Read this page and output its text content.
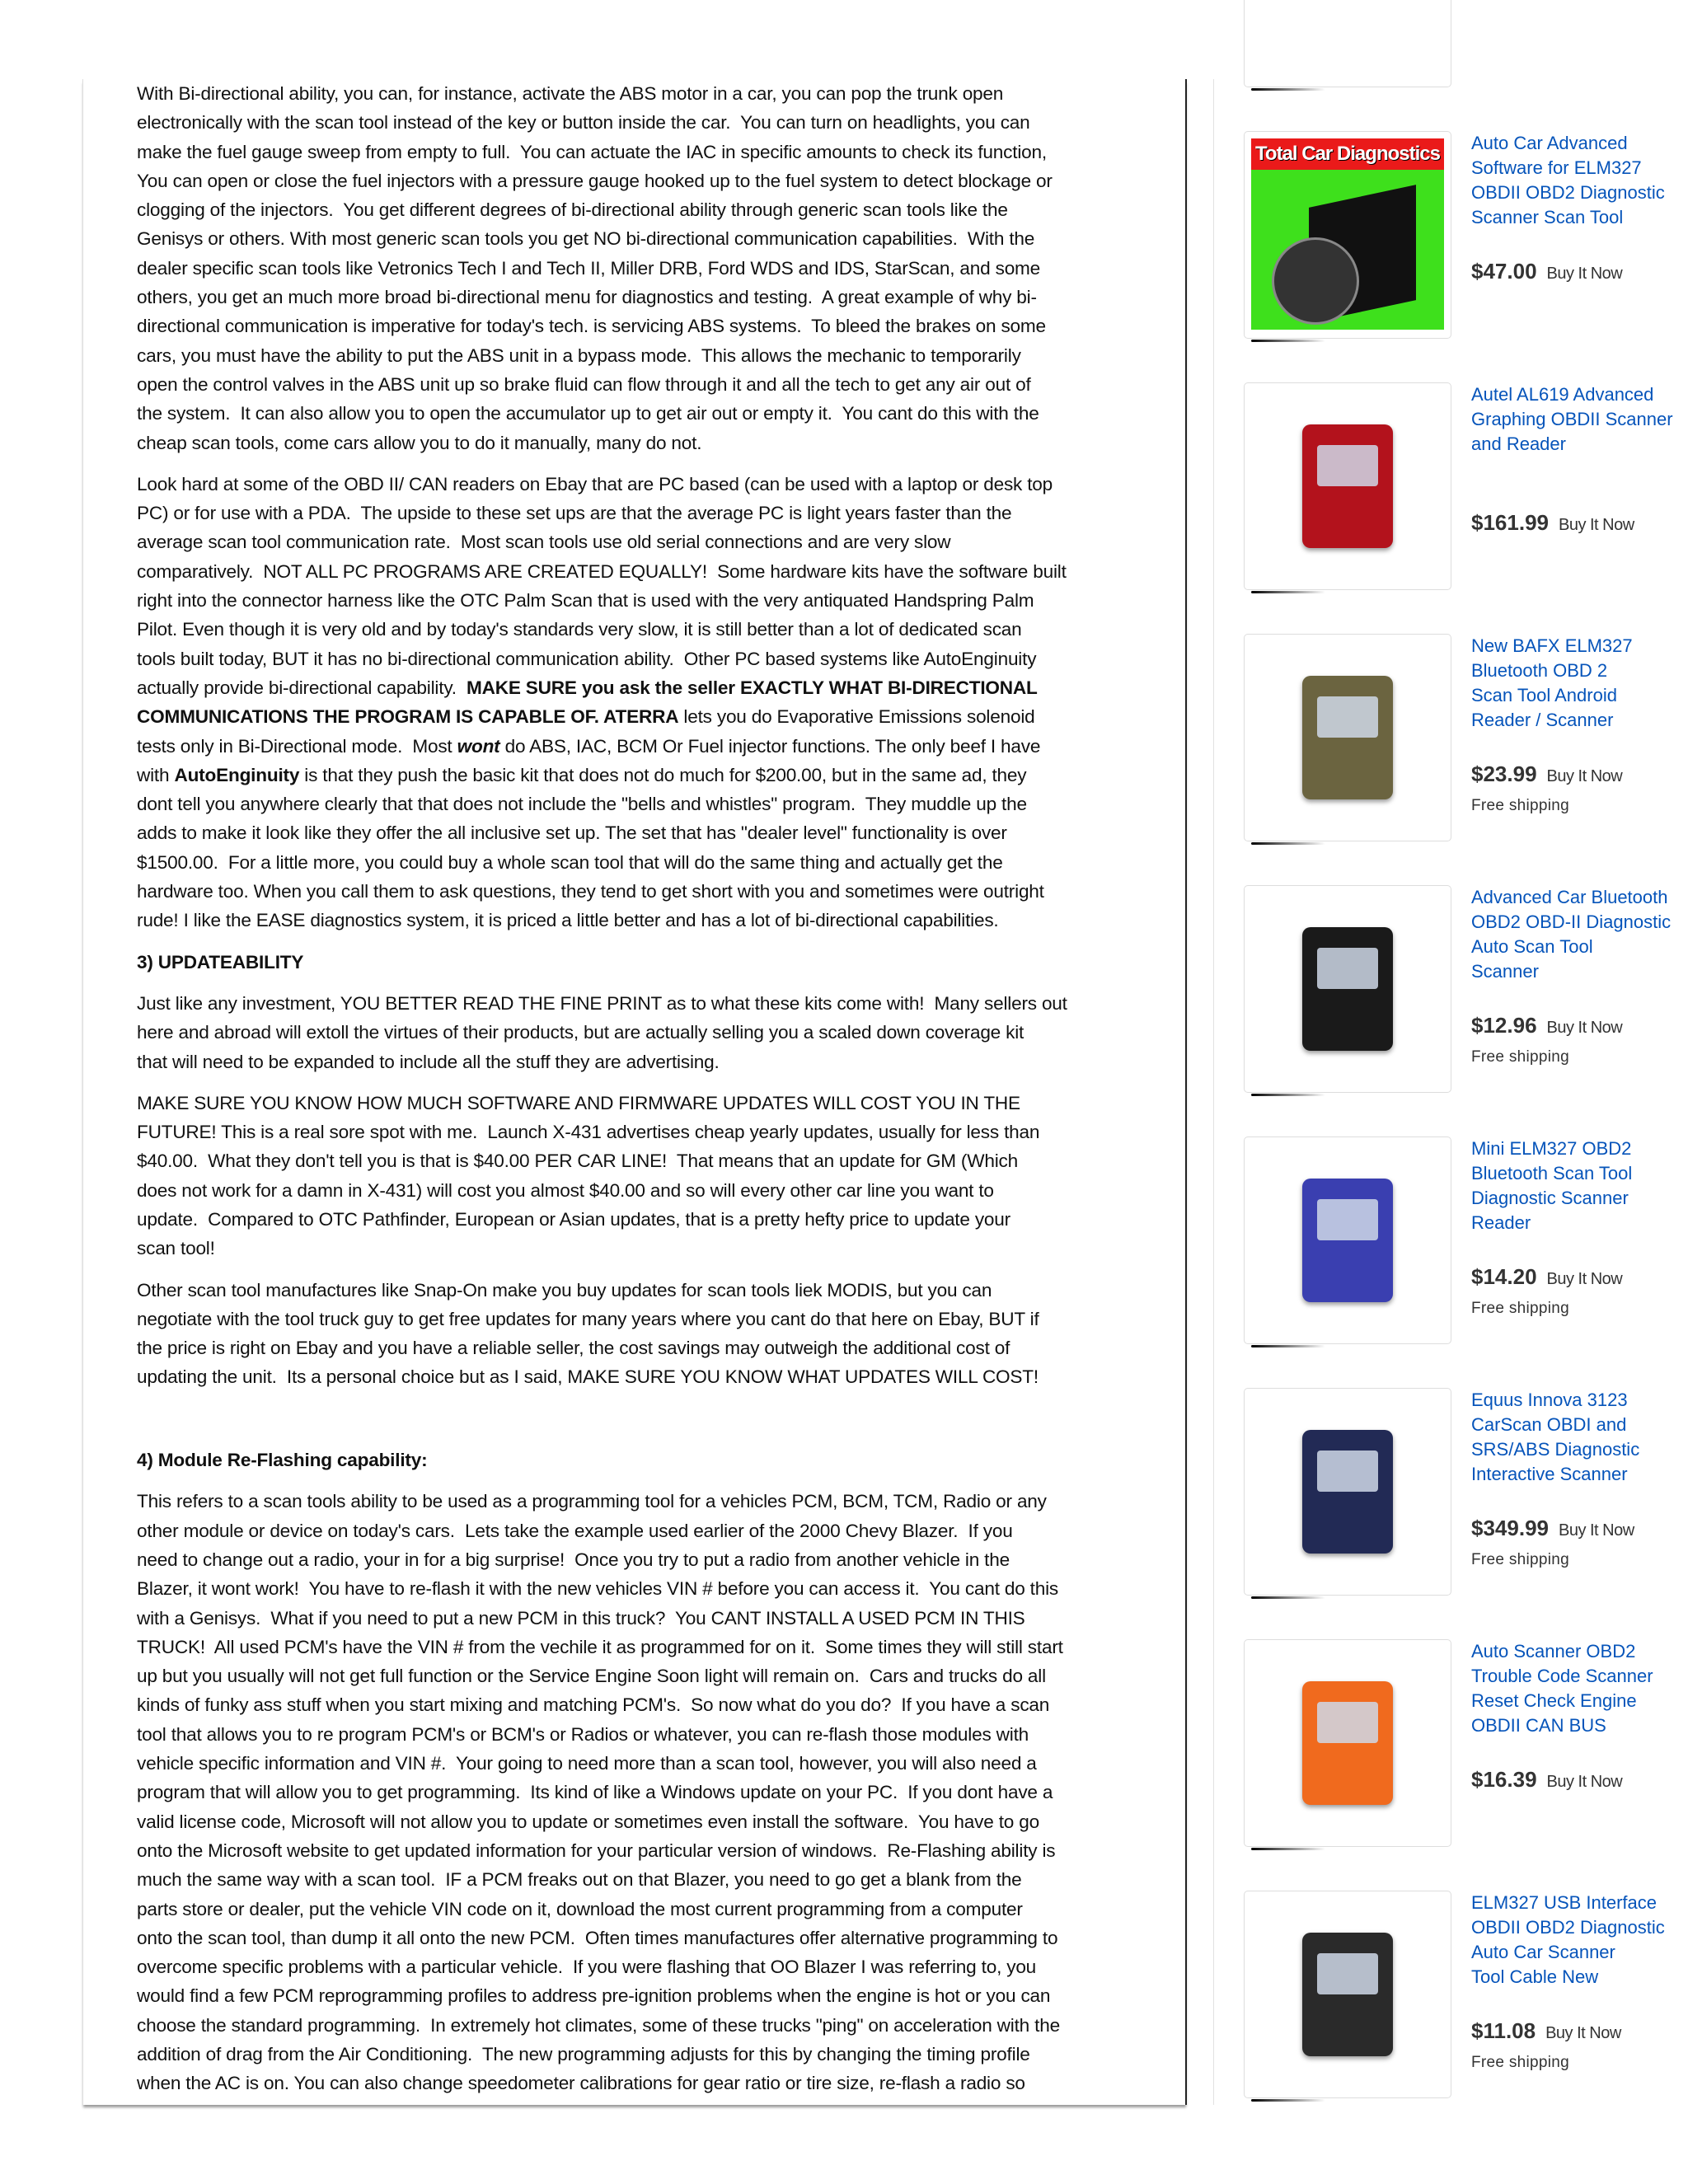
With Bi-directional ability, you can, for instance, activate the ABS motor in a car, you can pop the trunk open
electronically with the scan tool instead of the key or button inside the car.  You can turn on headlights, you can
make the fuel gauge sweep from empty to full.  You can actuate the IAC in specific amounts to check its function,
You can open or close the fuel injectors with a pressure gauge hooked up to the fuel system to detect blockage or
clogging of the injectors.  You get different degrees of bi-directional ability through generic scan tools like the
Genisys or others. With most generic scan tools you get NO bi-directional communication capabilities.  With the
dealer specific scan tools like Vetronics Tech I and Tech II, Miller DRB, Ford WDS and IDS, StarScan, and some
others, you get an much more broad bi-directional menu for diagnostics and testing.  A great example of why bi-
directional communication is imperative for today's tech. is servicing ABS systems.  To bleed the brakes on some
cars, you must have the ability to put the ABS unit in a bypass mode.  This allows the mechanic to temporarily
open the control valves in the ABS unit up so brake fluid can flow through it and all the tech to get any air out of
the system.  It can also allow you to open the accumulator up to get air out or empty it.  You cant do this with the
cheap scan tools, come cars allow you to do it manually, many do not.
Look hard at some of the OBD II/ CAN readers on Ebay that are PC based (can be used with a laptop or desk top
PC) or for use with a PDA.  The upside to these set ups are that the average PC is light years faster than the
average scan tool communication rate.  Most scan tools use old serial connections and are very slow
comparatively.  NOT ALL PC PROGRAMS ARE CREATED EQUALLY!  Some hardware kits have the software built
right into the connector harness like the OTC Palm Scan that is used with the very antiquated Handspring Palm
Pilot. Even though it is very old and by today's standards very slow, it is still better than a lot of dedicated scan
tools built today, BUT it has no bi-directional communication ability.  Other PC based systems like AutoEnginuity
actually provide bi-directional capability.  MAKE SURE you ask the seller EXACTLY WHAT BI-DIRECTIONAL
COMMUNICATIONS THE PROGRAM IS CAPABLE OF. ATERRA lets you do Evaporative Emissions solenoid
tests only in Bi-Directional mode.  Most wont do ABS, IAC, BCM Or Fuel injector functions. The only beef I have
with AutoEnginuity is that they push the basic kit that does not do much for $200.00, but in the same ad, they
dont tell you anywhere clearly that that does not include the "bells and whistles" program.  They muddle up the
adds to make it look like they offer the all inclusive set up. The set that has "dealer level" functionality is over
$1500.00.  For a little more, you could buy a whole scan tool that will do the same thing and actually get the
hardware too. When you call them to ask questions, they tend to get short with you and sometimes were outright
rude! I like the EASE diagnostics system, it is priced a little better and has a lot of bi-directional capabilities.
3) UPDATEABILITY
Just like any investment, YOU BETTER READ THE FINE PRINT as to what these kits come with!  Many sellers out
here and abroad will extoll the virtues of their products, but are actually selling you a scaled down coverage kit
that will need to be expanded to include all the stuff they are advertising.
MAKE SURE YOU KNOW HOW MUCH SOFTWARE AND FIRMWARE UPDATES WILL COST YOU IN THE
FUTURE! This is a real sore spot with me.  Launch X-431 advertises cheap yearly updates, usually for less than
$40.00.  What they don't tell you is that is $40.00 PER CAR LINE!  That means that an update for GM (Which
does not work for a damn in X-431) will cost you almost $40.00 and so will every other car line you want to
update.  Compared to OTC Pathfinder, European or Asian updates, that is a pretty hefty price to update your
scan tool!
Other scan tool manufactures like Snap-On make you buy updates for scan tools liek MODIS, but you can
negotiate with the tool truck guy to get free updates for many years where you cant do that here on Ebay, BUT if
the price is right on Ebay and you have a reliable seller, the cost savings may outweigh the additional cost of
updating the unit.  Its a personal choice but as I said, MAKE SURE YOU KNOW WHAT UPDATES WILL COST!
4) Module Re-Flashing capability:
This refers to a scan tools ability to be used as a programming tool for a vehicles PCM, BCM, TCM, Radio or any
other module or device on today's cars.  Lets take the example used earlier of the 2000 Chevy Blazer.  If you
need to change out a radio, your in for a big surprise!  Once you try to put a radio from another vehicle in the
Blazer, it wont work!  You have to re-flash it with the new vehicles VIN # before you can access it.  You cant do this
with a Genisys.  What if you need to put a new PCM in this truck?  You CANT INSTALL A USED PCM IN THIS
TRUCK!  All used PCM's have the VIN # from the vechile it as programmed for on it.  Some times they will still start
up but you usually will not get full function or the Service Engine Soon light will remain on.  Cars and trucks do all
kinds of funky ass stuff when you start mixing and matching PCM's.  So now what do you do?  If you have a scan
tool that allows you to re program PCM's or BCM's or Radios or whatever, you can re-flash those modules with
vehicle specific information and VIN #.  Your going to need more than a scan tool, however, you will also need a
program that will allow you to get programming.  Its kind of like a Windows update on your PC.  If you dont have a
valid license code, Microsoft will not allow you to update or sometimes even install the software.  You have to go
onto the Microsoft website to get updated information for your particular version of windows.  Re-Flashing ability is
much the same way with a scan tool.  IF a PCM freaks out on that Blazer, you need to go get a blank from the
parts store or dealer, put the vehicle VIN code on it, download the most current programming from a computer
onto the scan tool, than dump it all onto the new PCM.  Often times manufactures offer alternative programming to
overcome specific problems with a particular vehicle.  If you were flashing that OO Blazer I was referring to, you
would find a few PCM reprogramming profiles to address pre-ignition problems when the engine is hot or you can
choose the standard programming.  In extremely hot climates, some of these trucks "ping" on acceleration with the
addition of drag from the Air Conditioning.  The new programming adjusts for this by changing the timing profile
when the AC is on. You can also change speedometer calibrations for gear ratio or tire size, re-flash a radio so
Total Car Diagnostics Auto Car Advanced
Software for ELM327
OBDII OBD2 Diagnostic
Scanner Scan Tool
$47.00 Buy It Now
Autel AL619 Advanced
Graphing OBDII Scanner
and Reader
$161.99 Buy It Now
New BAFX ELM327
Bluetooth OBD 2
Scan Tool Android
Reader / Scanner
$23.99 Buy It Now
Free shipping
Advanced Car Bluetooth
OBD2 OBD-II Diagnostic
Auto Scan Tool
Scanner
$12.96 Buy It Now
Free shipping
Mini ELM327 OBD2
Bluetooth Scan Tool
Diagnostic Scanner
Reader
$14.20 Buy It Now
Free shipping
Equus Innova 3123
CarScan OBDI and
SRS/ABS Diagnostic
Interactive Scanner
$349.99 Buy It Now
Free shipping
Auto Scanner OBD2
Trouble Code Scanner
Reset Check Engine
OBDII CAN BUS
$16.39 Buy It Now
ELM327 USB Interface
OBDII OBD2 Diagnostic
Auto Car Scanner
Tool Cable New
$11.08 Buy It Now
Free shipping
